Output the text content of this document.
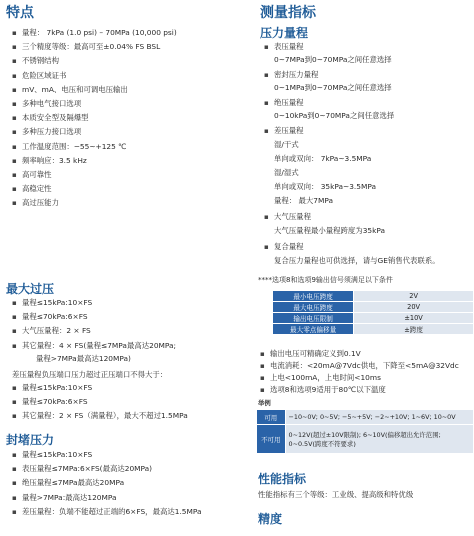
特点
▪ 量程： 7kPa (1.0 psi) – 70MPa (10,000 psi)
▪ 三个精度等级：最高可至±0.04% FS BSL
▪ 不锈钢结构
▪ 危险区域证书
▪ mV、mA、电压和可调电压输出
▪ 多种电气接口选项
▪ 本质安全型及隔爆型
▪ 多种压力接口选项
▪ 工作温度范围：−55~+125 ℃
▪ 频率响应：3.5 kHz
▪ 高可靠性
▪ 高稳定性
▪ 高过压能力
最大过压
▪ 量程≤15kPa:10×FS
▪ 量程≤70kPa:6×FS
▪ 大气压量程：2 × FS
▪ 其它量程：4 × FS(量程≤7MPa最高达20MPa;
量程>7MPa最高达120MPa)
差压量程负压端口压力超过正压端口不得大于：
▪ 量程≤15kPa:10×FS
▪ 量程≤70kPa:6×FS
▪ 其它量程：2 × FS（满量程），最大不超过1.5MPa
封堵压力
▪ 量程≤15kPa:10×FS
▪ 表压量程≤7MPa:6×FS(最高达20MPa)
▪ 绝压量程≤7MPa最高达20MPa
▪ 量程>7MPa:最高达120MPa
▪ 差压量程：负端不能超过正端的6×FS，最高达1.5MPa
测量指标
压力量程
▪ 表压量程
0~7MPa到0~70MPa之间任意选择
▪ 密封压力量程
0~1MPa到0~70MPa之间任意选择
▪ 绝压量程
0~10kPa到0~70MPa之间任意选择
▪ 差压量程
湿/干式
单向或双向： 7kPa~3.5MPa
湿/湿式
单向或双向： 35kPa~3.5MPa
量程： 最大7MPa
▪ 大气压量程
大气压量程最小量程跨度为35kPa
▪ 复合量程
复合压力量程也可供选择，请与GE销售代表联系。
****选项8和选项9输出信号须满足以下条件
最小电压跨度	2V
最大电压跨度	20V
输出电压限制	±10V
最大零点偏移量	±跨度
▪ 输出电压可精确定义到0.1V
▪ 电流消耗：<20mA@7Vdc供电，下降至<5mA@32Vdc
▪ 上电<100mA，上电时间<10ms
▪ 选项8和选项9适用于80℃以下温度
举例
可用	−10~0V; 0~5V; −5~+5V; −2~+10V; 1~6V; 10~0V
不可用	0~12V(超过±10V限制); 6~10V(偏移超出允许范围;
0~0.5V(跨度不符要求)
性能指标
性能指标有三个等级：工业级、提高级和特优级
精度
